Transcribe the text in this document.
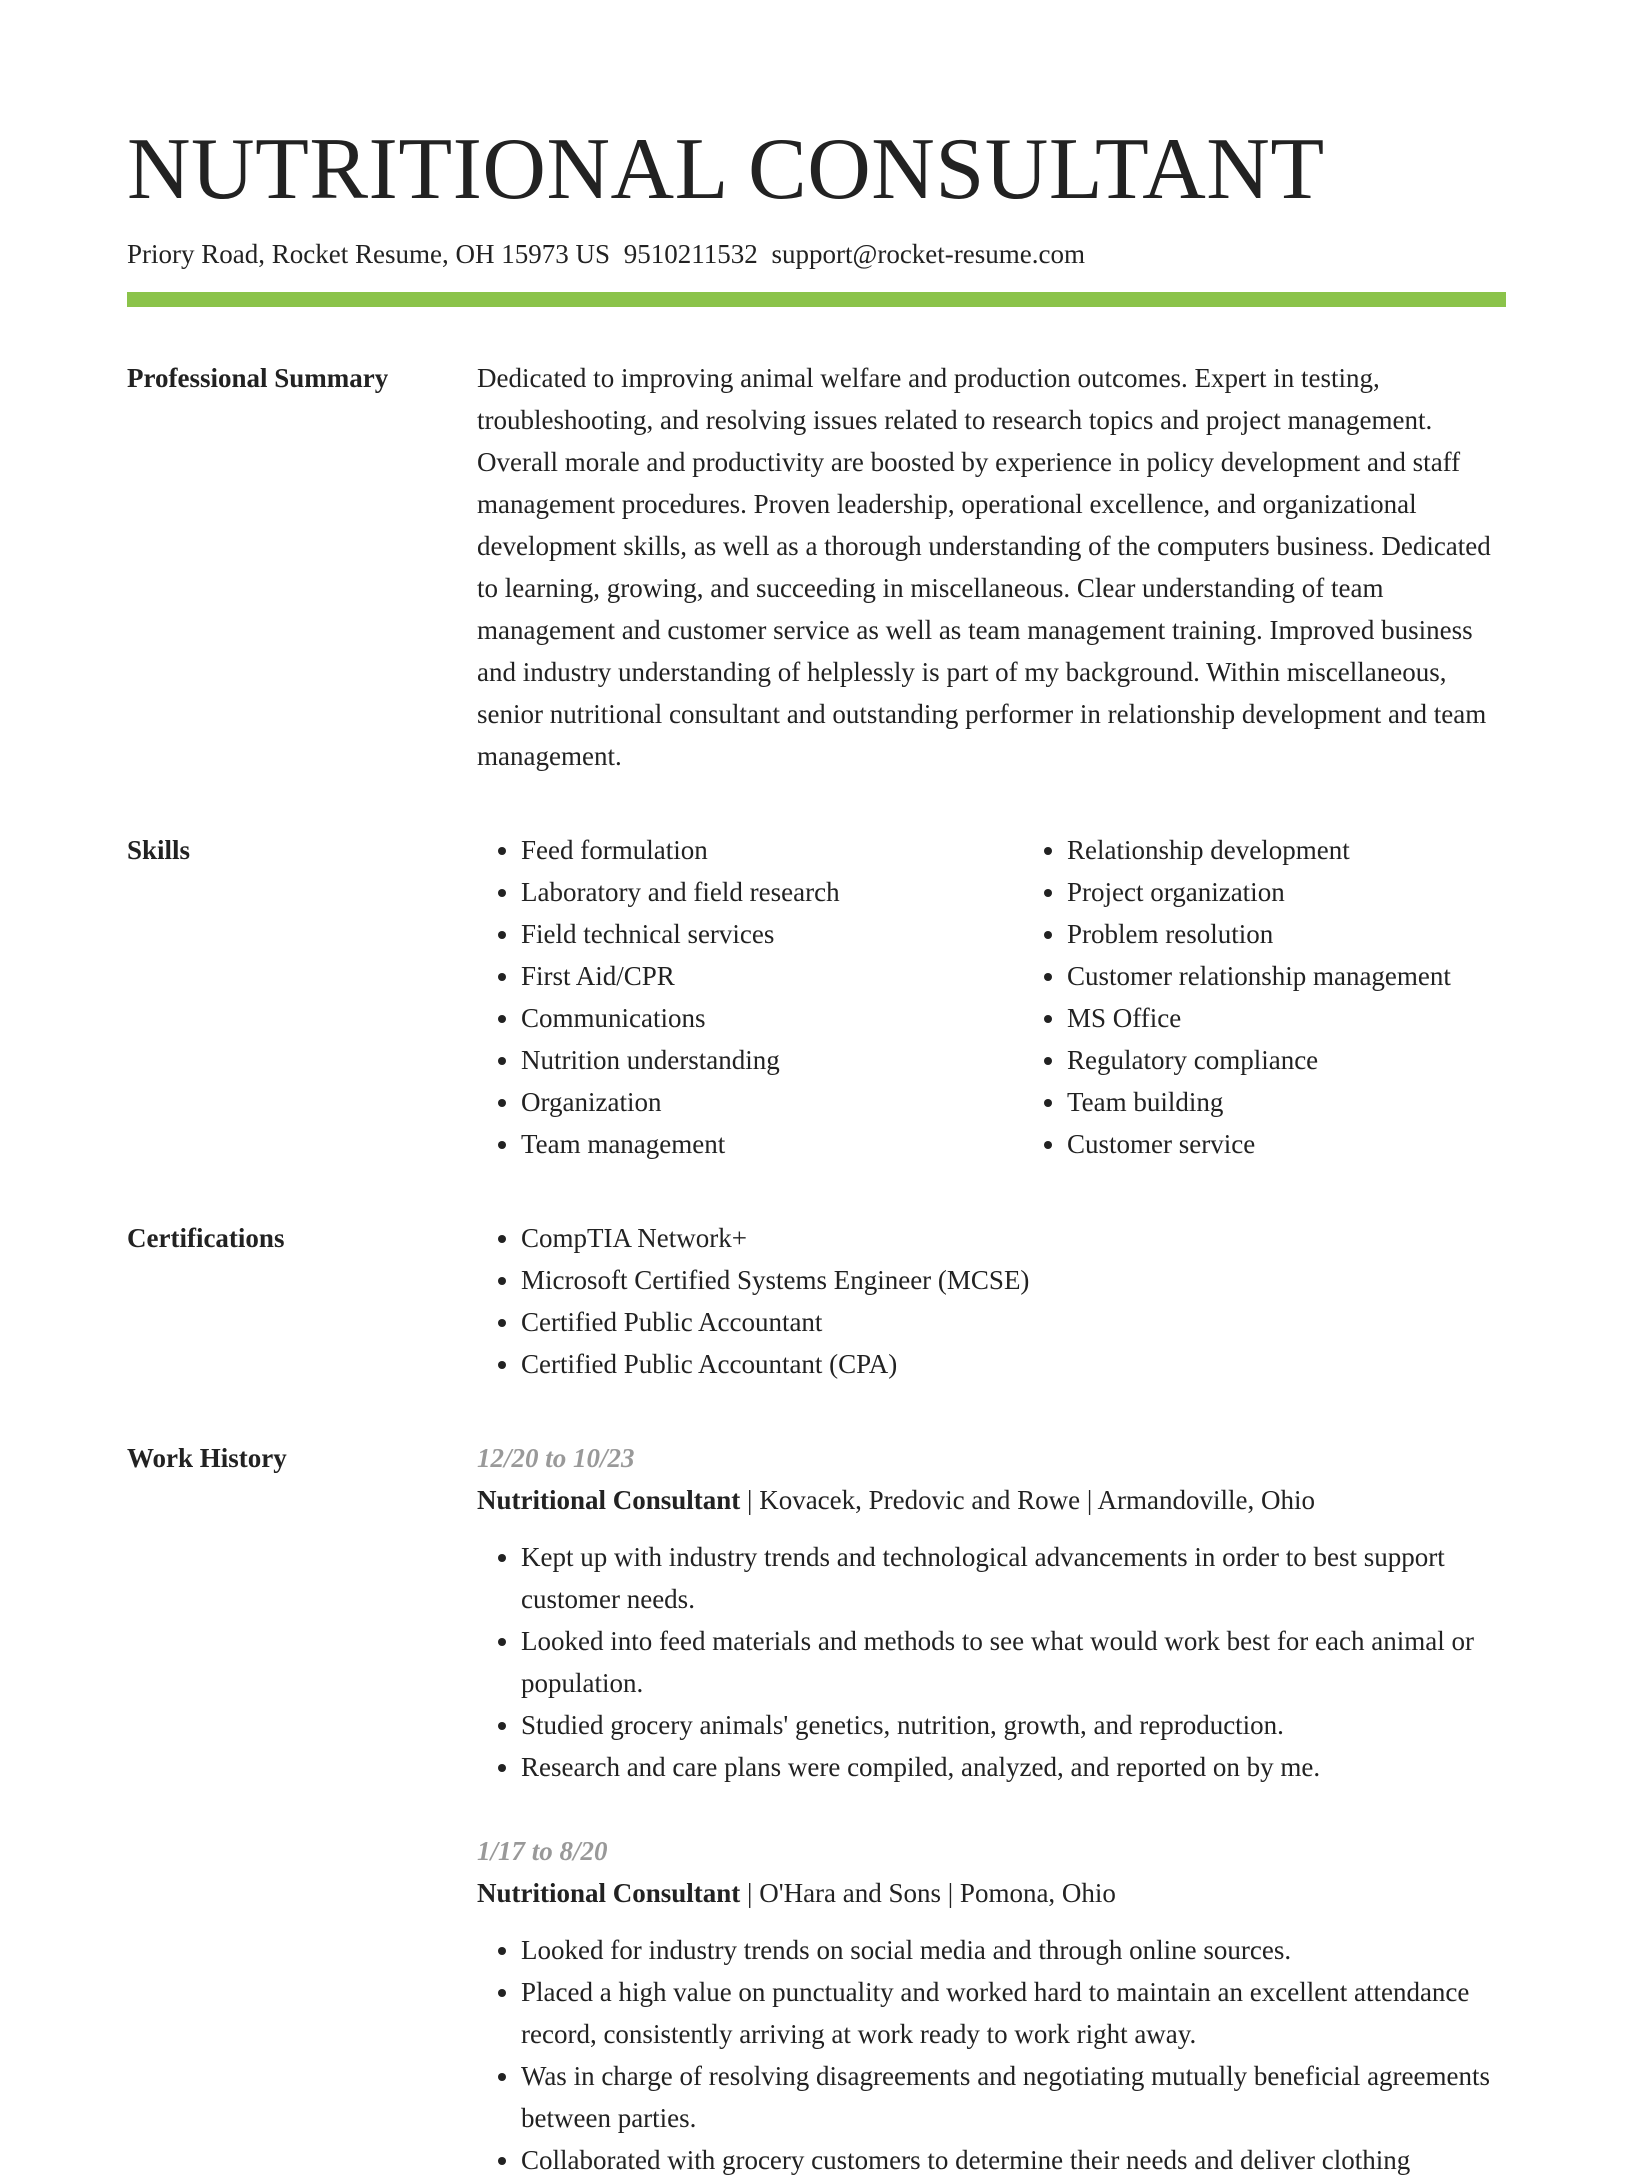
NUTRITIONAL CONSULTANT
Priory Road, Rocket Resume, OH 15973 US 9510211532 support@rocket-resume.com
Professional Summary	Dedicated to improving animal welfare and production outcomes. Expert in testing, troubleshooting, and resolving issues related to research topics and project management. Overall morale and productivity are boosted by experience in policy development and staff management procedures. Proven leadership, operational excellence, and organizational development skills, as well as a thorough understanding of the computers business. Dedicated to learning, growing, and succeeding in miscellaneous. Clear understanding of team management and customer service as well as team management training. Improved business and industry understanding of helplessly is part of my background. Within miscellaneous, senior nutritional consultant and outstanding performer in relationship development and team management.

Skills	• Feed formulation
• Laboratory and field research
• Field technical services
• First Aid/CPR
• Communications
• Nutrition understanding
• Organization
• Team management
• Relationship development
• Project organization
• Problem resolution
• Customer relationship management
• MS Office
• Regulatory compliance
• Team building
• Customer service
Certifications	• CompTIA Network+
• Microsoft Certified Systems Engineer (MCSE)
• Certified Public Accountant
• Certified Public Accountant (CPA)
Work History	12/20 to 10/23
Nutritional Consultant | Kovacek, Predovic and Rowe | Armandoville, Ohio
• Kept up with industry trends and technological advancements in order to best support customer needs.
• Looked into feed materials and methods to see what would work best for each animal or population.
• Studied grocery animals' genetics, nutrition, growth, and reproduction.
• Research and care plans were compiled, analyzed, and reported on by me.
1/17 to 8/20
Nutritional Consultant | O'Hara and Sons | Pomona, Ohio
• Looked for industry trends on social media and through online sources.
• Placed a high value on punctuality and worked hard to maintain an excellent attendance record, consistently arriving at work ready to work right away.
• Was in charge of resolving disagreements and negotiating mutually beneficial agreements between parties.
• Collaborated with grocery customers to determine their needs and deliver clothing
